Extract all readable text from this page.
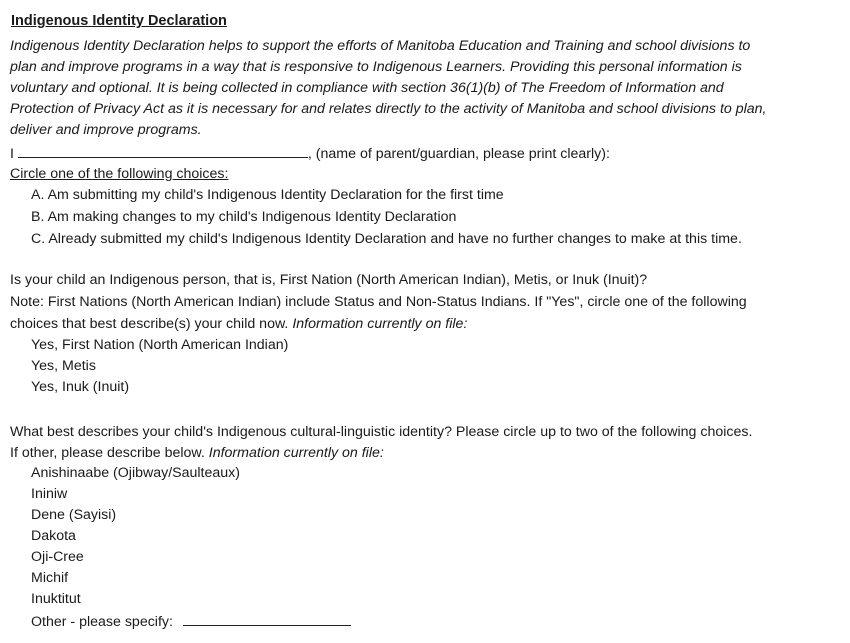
Indigenous Identity Declaration
Indigenous Identity Declaration helps to support the efforts of Manitoba Education and Training and school divisions to
plan and improve programs in a way that is responsive to Indigenous Learners. Providing this personal information is
voluntary and optional. It is being collected in compliance with section 36(1)(b) of The Freedom of Information and
Protection of Privacy Act as it is necessary for and relates directly to the activity of Manitoba and school divisions to plan,
deliver and improve programs.
I	, (name of parent/guardian, please print clearly):
Circle one of the following choices:
A. Am submitting my child's Indigenous Identity Declaration for the first time
B. Am making changes to my child's Indigenous Identity Declaration
C. Already submitted my child's Indigenous Identity Declaration and have no further changes to make at this time.
Is your child an Indigenous person, that is, First Nation (North American Indian), Metis, or Inuk (Inuit)?
Note: First Nations (North American Indian) include Status and Non-Status Indians. If "Yes", circle one of the following
choices that best describe(s) your child now. Information currently on file:
Yes, First Nation (North American Indian)
Yes, Metis
Yes, Inuk (Inuit)
What best describes your child's Indigenous cultural-linguistic identity? Please circle up to two of the following choices.
If other, please describe below. Information currently on file:
Anishinaabe (Ojibway/Saulteaux)
Ininiw
Dene (Sayisi)
Dakota
Oji-Cree
Michif
Inuktitut
Other - please specify:
